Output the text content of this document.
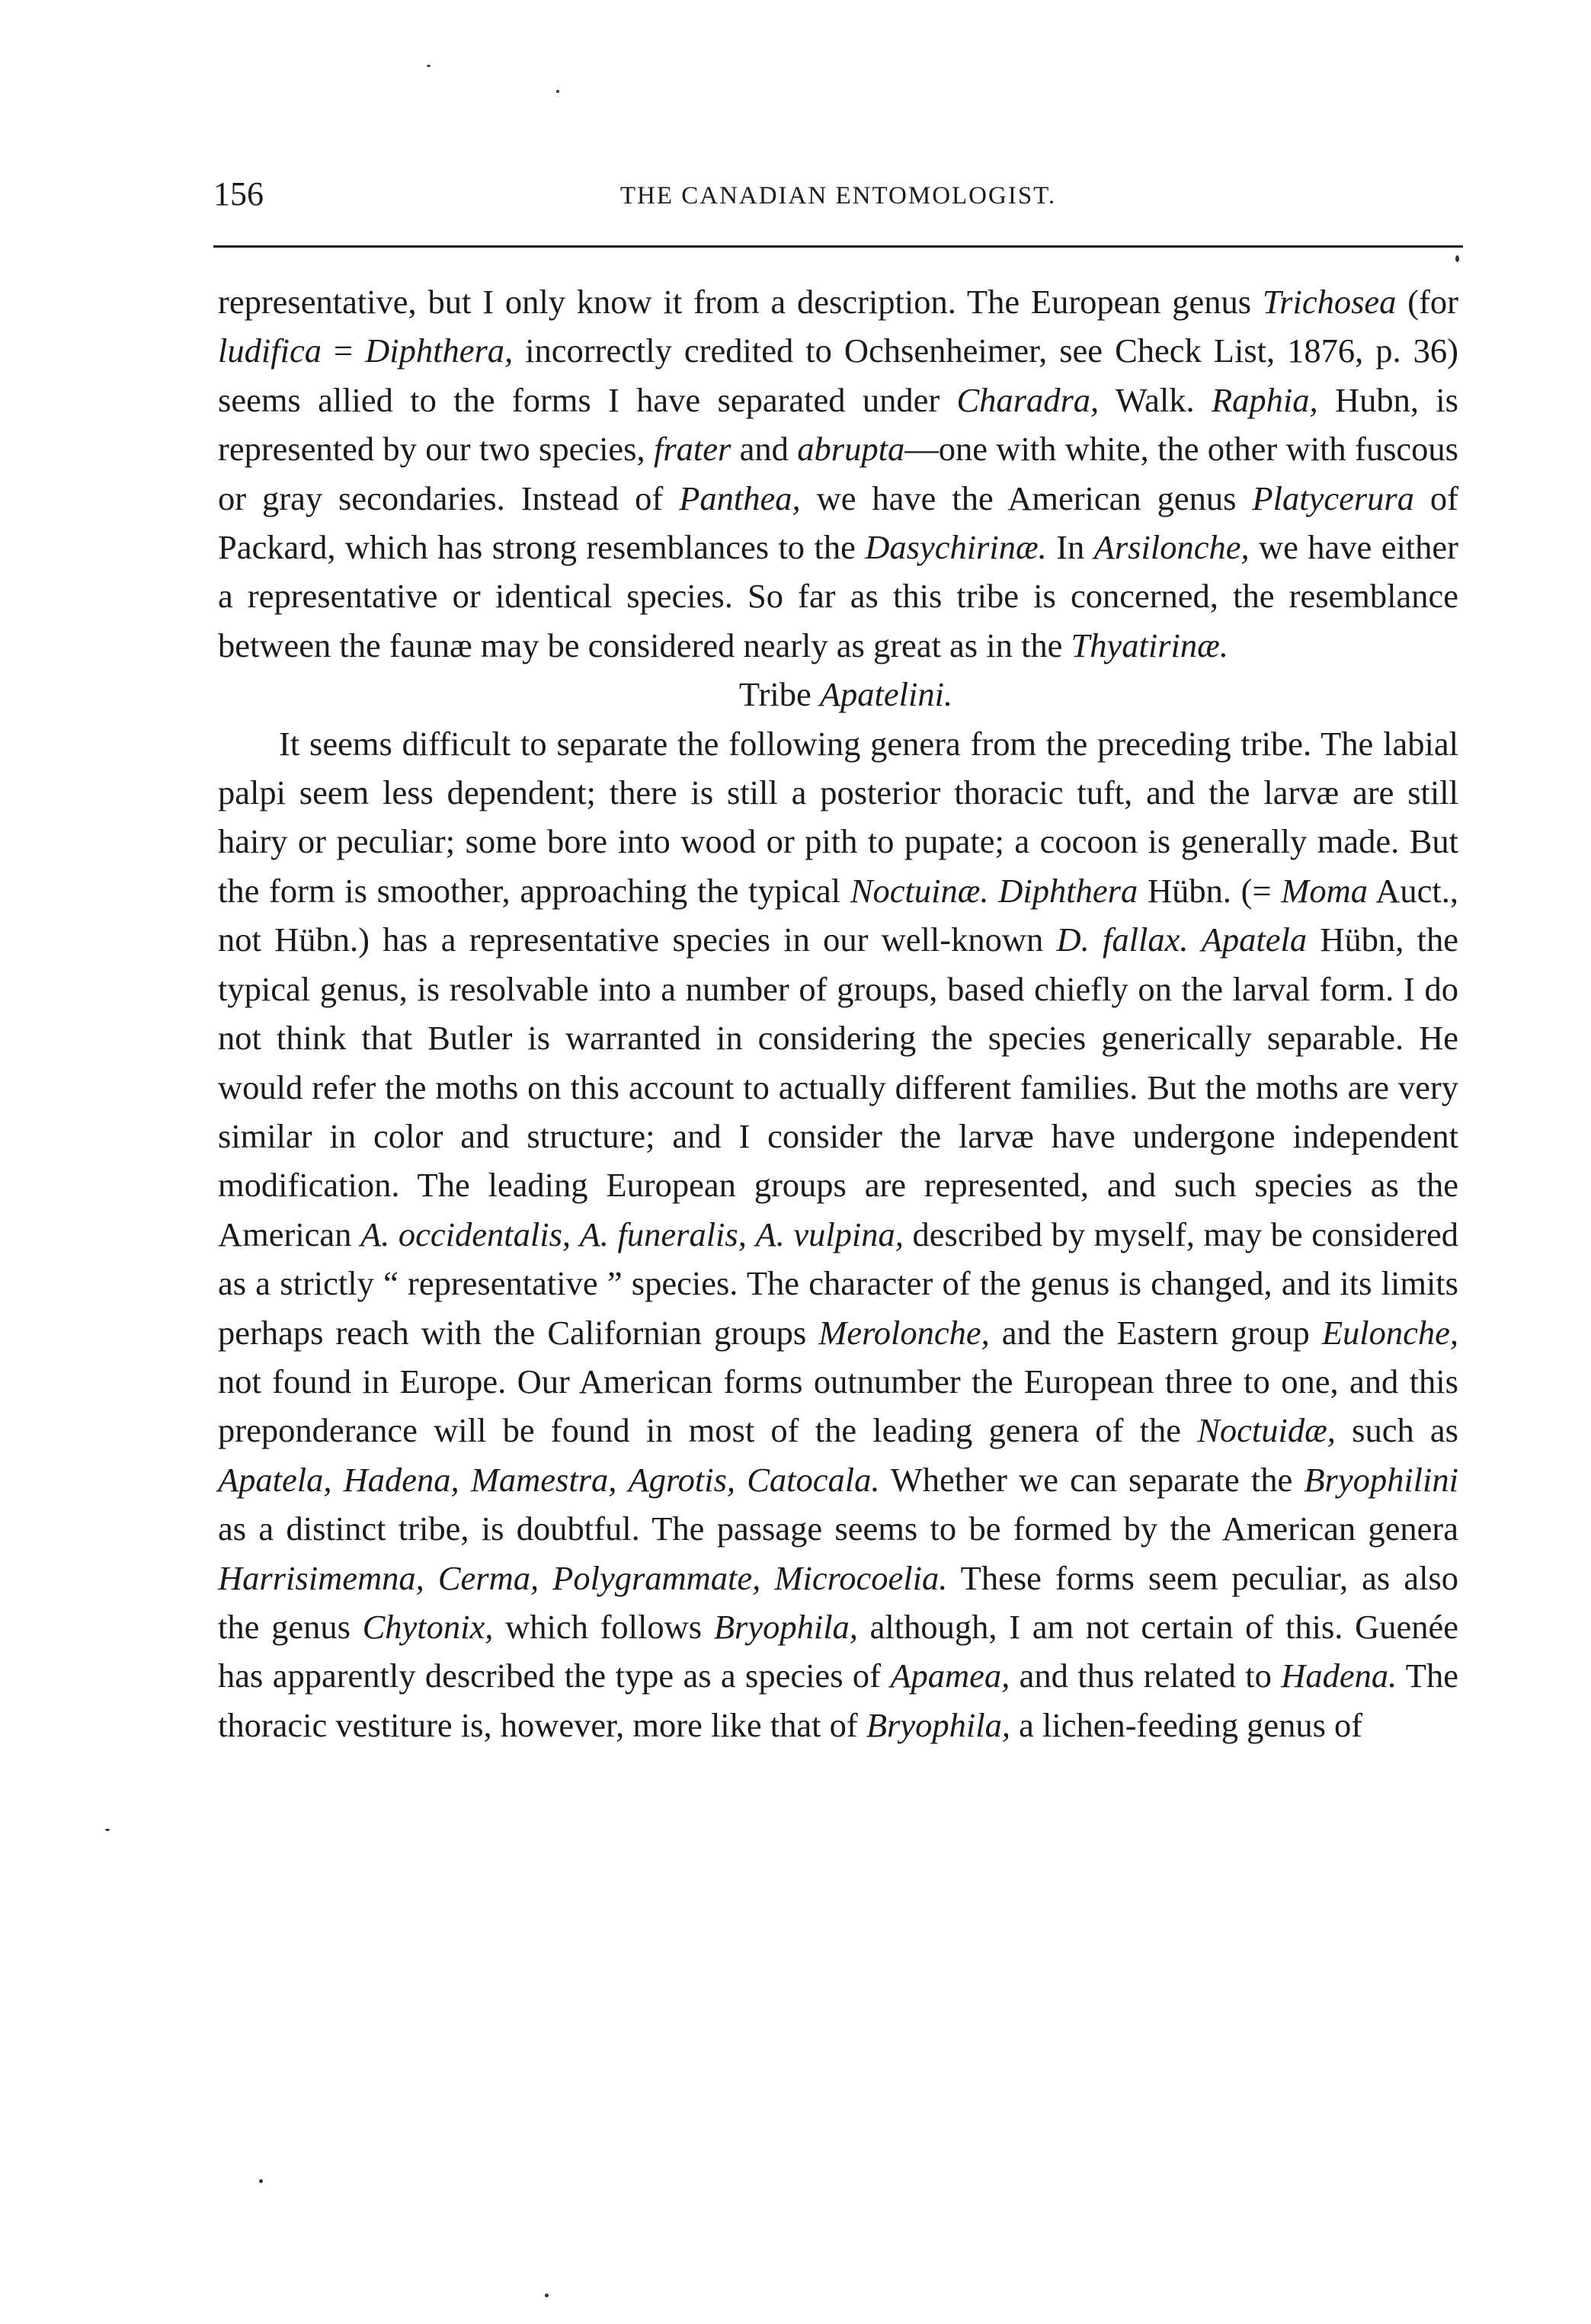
156	THE CANADIAN ENTOMOLOGIST.

representative, but I only know it from a description. The European genus Trichosea (for ludifica = Diphthera, incorrectly credited to Ochsenheimer, see Check List, 1876, p. 36) seems allied to the forms I have separated under Charadra, Walk. Raphia, Hubn, is represented by our two species, frater and abrupta—one with white, the other with fuscous or gray secondaries. Instead of Panthea, we have the American genus Platycerura of Packard, which has strong resemblances to the Dasychirinæ. In Arsilonche, we have either a representative or identical species. So far as this tribe is concerned, the resemblance between the faunæ may be considered nearly as great as in the Thyatirinæ.

Tribe Apatelini.

It seems difficult to separate the following genera from the preceding tribe. The labial palpi seem less dependent; there is still a posterior thoracic tuft, and the larvæ are still hairy or peculiar; some bore into wood or pith to pupate; a cocoon is generally made. But the form is smoother, approaching the typical Noctuinæ. Diphthera Hübn. (= Moma Auct., not Hübn.) has a representative species in our well-known D. fallax. Apatela Hübn, the typical genus, is resolvable into a number of groups, based chiefly on the larval form. I do not think that Butler is warranted in considering the species generically separable. He would refer the moths on this account to actually different families. But the moths are very similar in color and structure; and I consider the larvæ have undergone independent modification. The leading European groups are represented, and such species as the American A. occidentalis, A. funeralis, A. vulpina, described by myself, may be considered as a strictly “ representative ” species. The character of the genus is changed, and its limits perhaps reach with the Californian groups Merolonche, and the Eastern group Eulonche, not found in Europe. Our American forms outnumber the European three to one, and this preponderance will be found in most of the leading genera of the Noctuidæ, such as Apatela, Hadena, Mamestra, Agrotis, Catocala. Whether we can separate the Bryophilini as a distinct tribe, is doubtful. The passage seems to be formed by the American genera Harrisimemna, Cerma, Polygrammate, Microcoelia. These forms seem peculiar, as also the genus Chytonix, which follows Bryophila, although, I am not certain of this. Guenée has apparently described the type as a species of Apamea, and thus related to Hadena. The thoracic vestiture is, however, more like that of Bryophila, a lichen-feeding genus of
